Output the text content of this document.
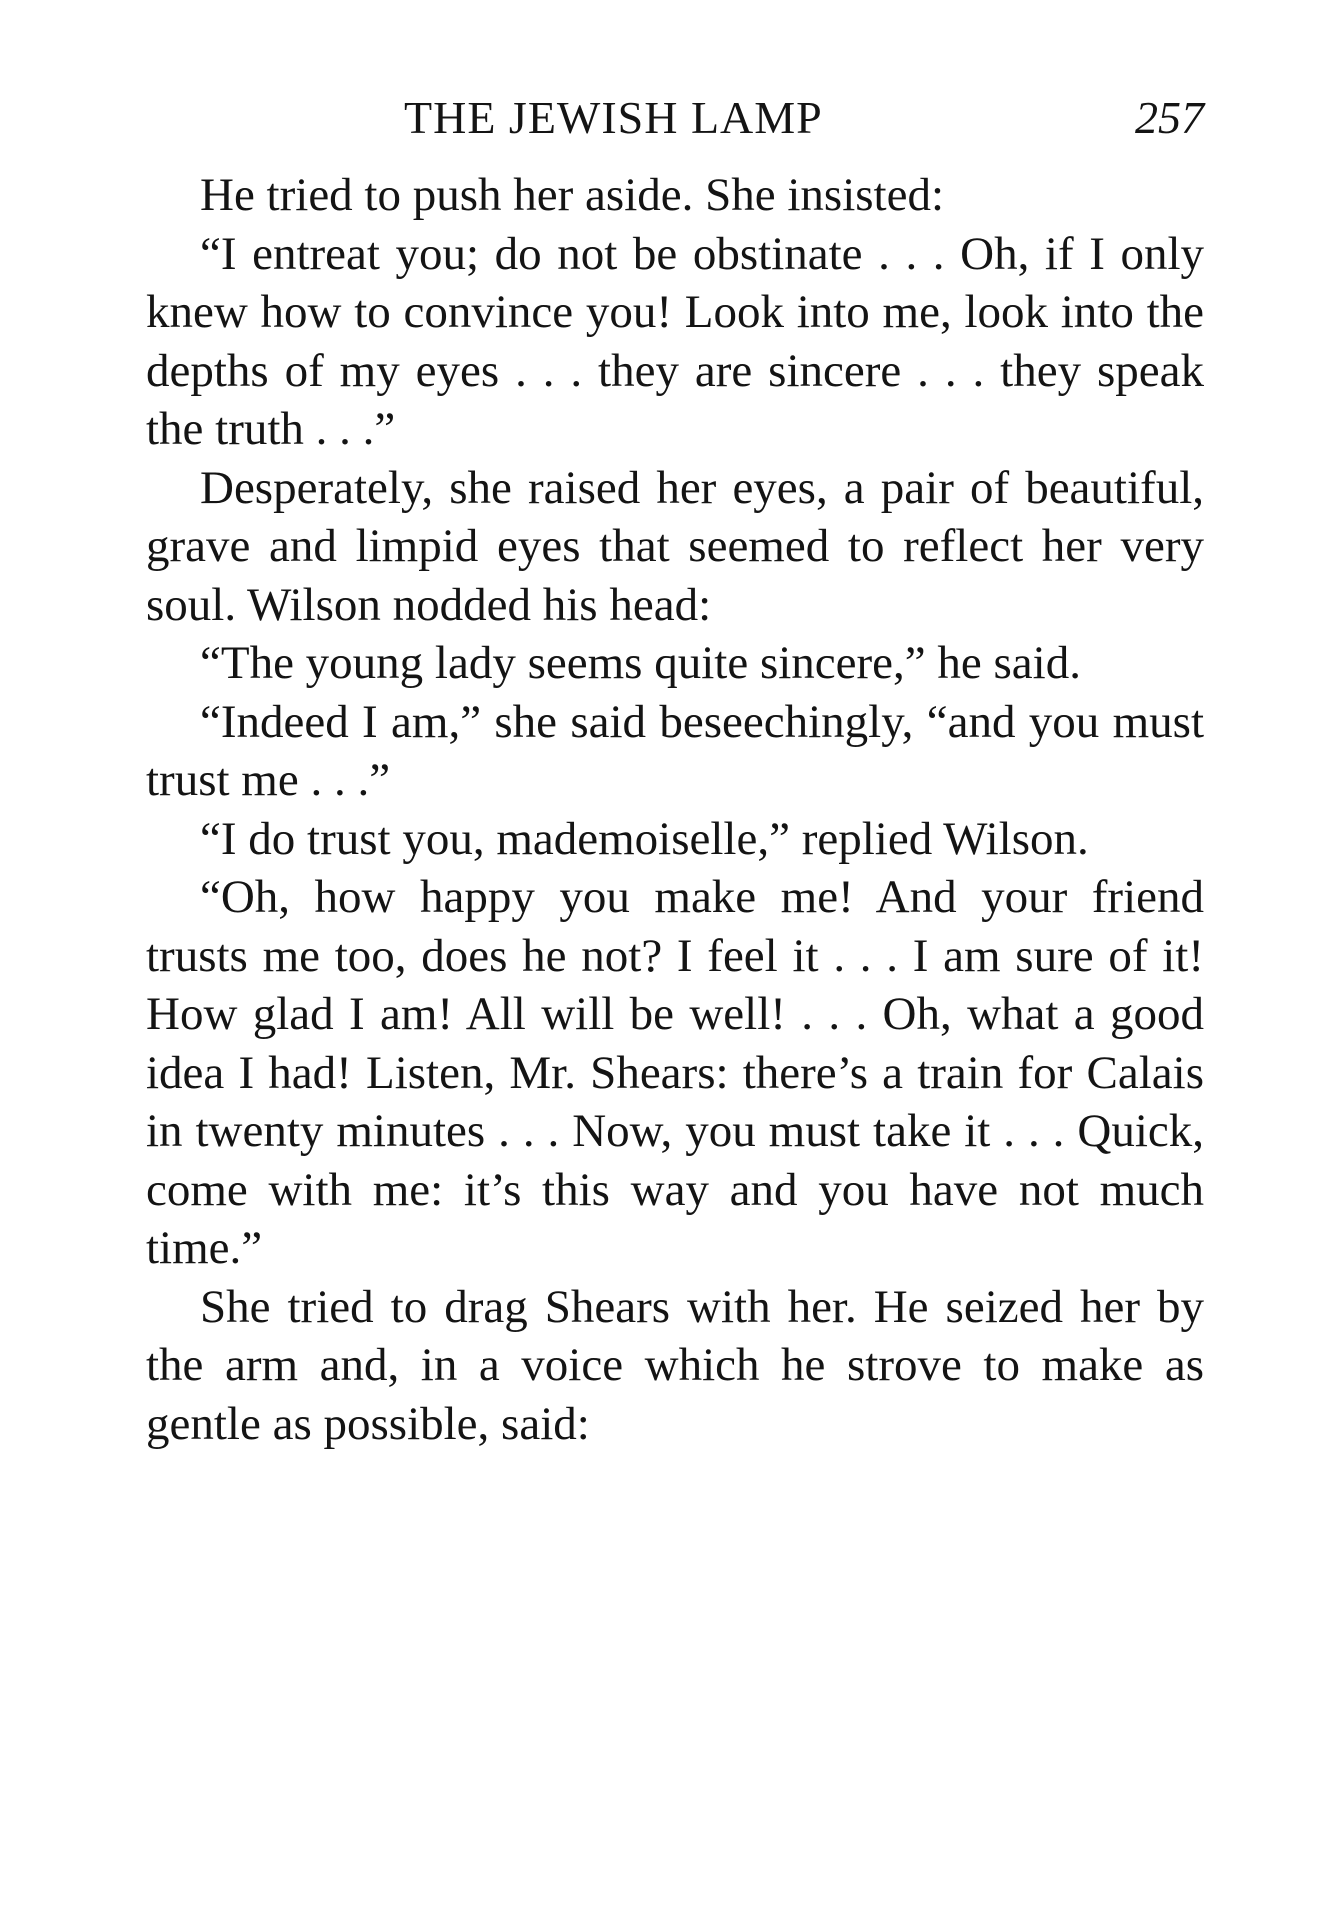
THE JEWISH LAMP	257

He tried to push her aside. She insisted:

“I entreat you; do not be obstinate . . . Oh, if I only knew how to convince you! Look into me, look into the depths of my eyes . . . they are sincere . . . they speak the truth . . .”

Desperately, she raised her eyes, a pair of beautiful, grave and limpid eyes that seemed to reflect her very soul. Wilson nodded his head:

“The young lady seems quite sincere,” he said.

“Indeed I am,” she said beseechingly, “and you must trust me . . .”

“I do trust you, mademoiselle,” replied Wilson.

“Oh, how happy you make me! And your friend trusts me too, does he not? I feel it . . . I am sure of it! How glad I am! All will be well! . . . Oh, what a good idea I had! Listen, Mr. Shears: there’s a train for Calais in twenty minutes . . . Now, you must take it . . . Quick, come with me: it’s this way and you have not much time.”

She tried to drag Shears with her. He seized her by the arm and, in a voice which he strove to make as gentle as possible, said:
